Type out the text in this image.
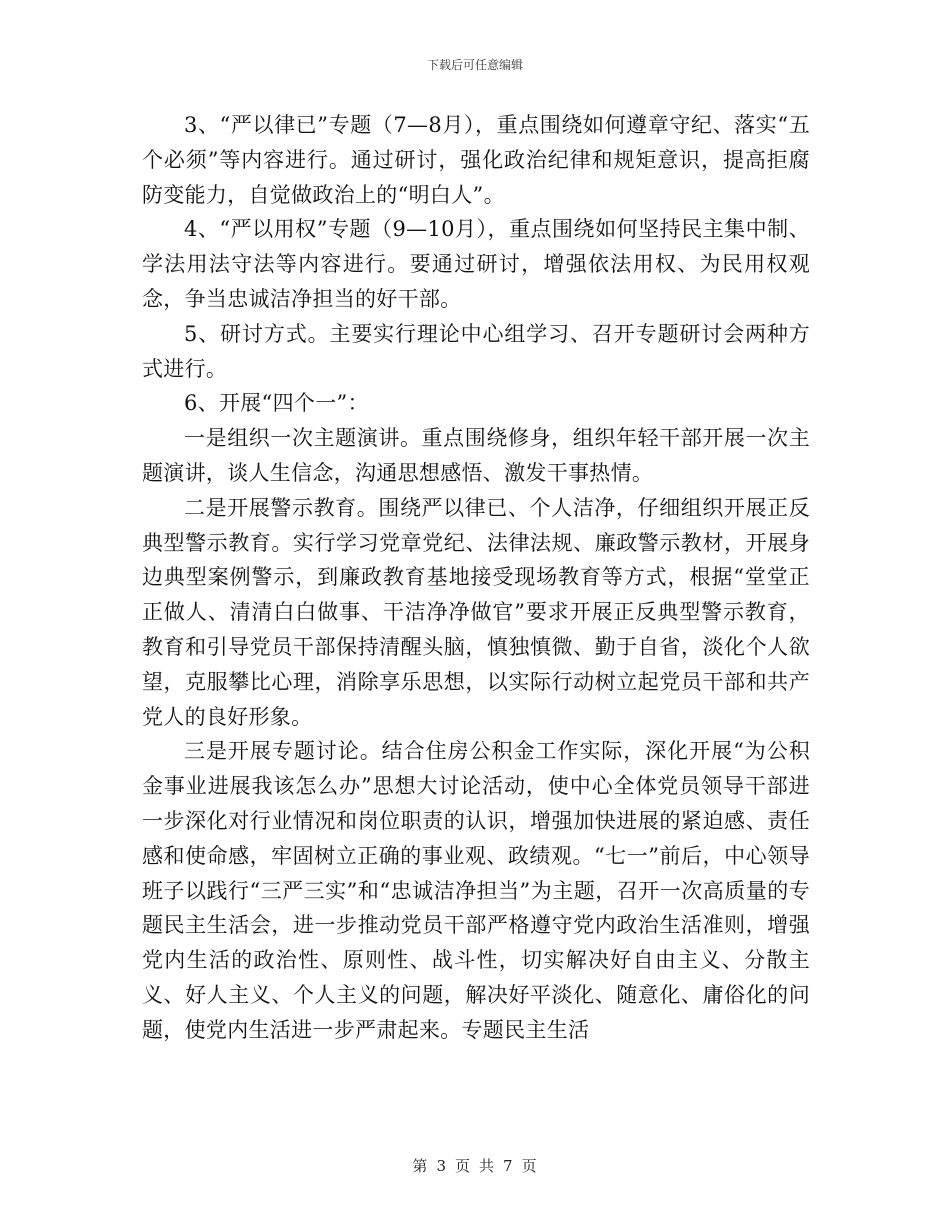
下载后可任意编辑

3、“严以律已”专题（7—8月），重点围绕如何遵章守纪、落实“五个必须”等内容进行。通过研讨，强化政治纪律和规矩意识，提高拒腐防变能力，自觉做政治上的“明白人”。

4、“严以用权”专题（9—10月），重点围绕如何坚持民主集中制、学法用法守法等内容进行。要通过研讨，增强依法用权、为民用权观念，争当忠诚洁净担当的好干部。

5、研讨方式。主要实行理论中心组学习、召开专题研讨会两种方式进行。

6、开展“四个一”：

一是组织一次主题演讲。重点围绕修身，组织年轻干部开展一次主题演讲，谈人生信念，沟通思想感悟、激发干事热情。

二是开展警示教育。围绕严以律已、个人洁净，仔细组织开展正反典型警示教育。实行学习党章党纪、法律法规、廉政警示教材，开展身边典型案例警示，到廉政教育基地接受现场教育等方式，根据“堂堂正正做人、清清白白做事、干洁净净做官”要求开展正反典型警示教育，教育和引导党员干部保持清醒头脑，慎独慎微、勤于自省，淡化个人欲望，克服攀比心理，消除享乐思想，以实际行动树立起党员干部和共产党人的良好形象。

三是开展专题讨论。结合住房公积金工作实际，深化开展“为公积金事业进展我该怎么办”思想大讨论活动，使中心全体党员领导干部进一步深化对行业情况和岗位职责的认识，增强加快进展的紧迫感、责任感和使命感，牢固树立正确的事业观、政绩观。“七一”前后，中心领导班子以践行“三严三实”和“忠诚洁净担当”为主题，召开一次高质量的专题民主生活会，进一步推动党员干部严格遵守党内政治生活准则，增强党内生活的政治性、原则性、战斗性，切实解决好自由主义、分散主义、好人主义、个人主义的问题，解决好平淡化、随意化、庸俗化的问题，使党内生活进一步严肃起来。专题民主生活

第 3 页 共 7 页
